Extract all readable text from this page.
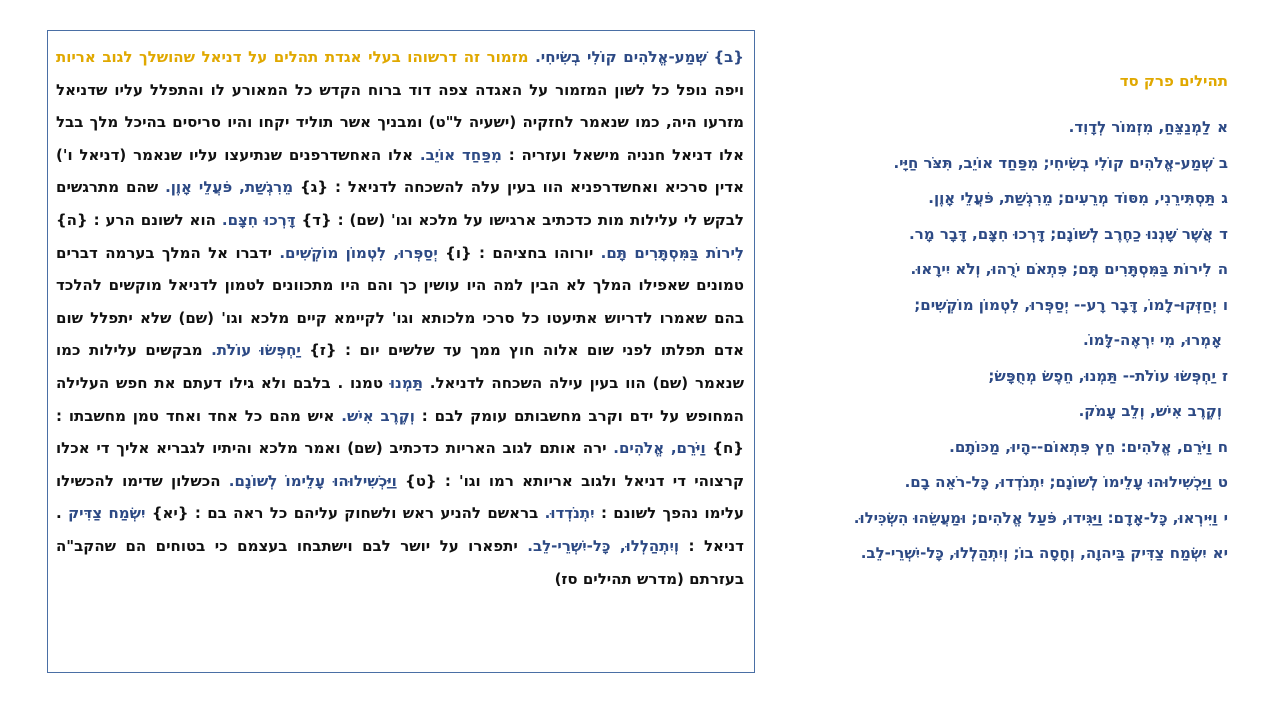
{ב} שְׁמַע-אֱלֹהִים קוֹלִי בְשִׂיחִי. מזמור זה דרשוהו בעלי אגדת תהלים על דניאל שהושלך לגוב אריות ויפה נופל כל לשון המזמור על האגדה צפה דוד ברוח הקדש כל המאורע לו והתפלל עליו שדניאל מזרעו היה, כמו שנאמר לחזקיה (ישעיה ל"ט) ומבניך אשר תוליד יקחו והיו סריסים בהיכל מלך בבל אלו דניאל חנניה מישאל ועזריה : מִפַּחַד אוֹיֵב. אלו האחשדרפנים שנתיעצו עליו שנאמר (דניאל ו') אדין סרכיא ואחשדרפניא הוו בעין עלה להשכחה לדניאל : {ג} מֵרִגְשַׁת, פֹּעֲלֵי אָוֶן. שהם מתרגשים לבקש לי עלילות מות כדכתיב ארגישו על מלכא וגו' (שם) : {ד} דָּרְכוּ חִצָּם. הוא לשונם הרע : {ה} לִירוֹת בַּמִּסְתָּרִים תָּם. יורוהו בחציהם : {ו} יְסַפְּרוּ, לִטְמוֹן מוֹקְשִׁים. ידברו אל המלך בערמה דברים טמונים שאפילו המלך לא הבין למה היו עושין כך והם היו מתכוונים לטמון לדניאל מוקשים להלכד בהם שאמרו לדריוש אתיעטו כל סרכי מלכותא וגו' לקיימא קיים מלכא וגו' (שם) שלא יתפלל שום אדם תפלתו לפני שום אלוה חוץ ממך עד שלשים יום : {ז} יַחְפְּשׂוּ עוֹלֹת. מבקשים עלילות כמו שנאמר (שם) הוו בעין עילה השכחה לדניאל. תַּמְנוּ טמנו . בלבם ולא גילו דעתם את חפש העלילה המחופש על ידם וקרב מחשבותם עומק לבם : וְקֶרֶב אִישׁ. איש מהם כל אחד ואחד טמן מחשבתו : {ח} וַיֹּרֵם, אֱלֹהִים. ירה אותם לגוב האריות כדכתיב (שם) ואמר מלכא והיתיו לגבריא אליך די אכלו קרצוהי די דניאל ולגוב אריותא רמו וגו' : {ט} וַיַּכְשִׁילוּהוּ עָלֵימוֹ לְשׁוֹנָם. הכשלון שדימו להכשילו עלימו נהפך לשונם : יִתְנֹדְדוּ. בראשם להניע ראש ולשחוק עליהם כל ראה בם : {יא} יִשְׂמַח צַדִּיק . דניאל : וְיִתְהַלְלוּ, כָּל-יִשְׁרֵי-לֵב. יתפארו על יושר לבם וישתבחו בעצמם כי בטוחים הם שהקב"ה בעזרתם (מדרש תהילים סז)
תהילים פרק סד
אלַמְנַצֵּחַ, מִזְמוֹר לְדָוִד.
בשְׁמַע-אֱלֹהִים קוֹלִי בְשִׂיחִי; מִפַּחַד אוֹיֵב, תִּצֹּר חַיָּי.
גתַּסְתִּירֵנִי, מִסּוֹד מְרֵעִים; מֵרִגְשַׁת, פֹּעֲלֵי אָוֶן.
דאֲשֶׁר שָׁנְנוּ כַחֶרֶב לְשׁוֹנָם; דָּרְכוּ חִצָּם, דָּבָר מָר.
הלִירוֹת בַּמִּסְתָּרִים תָּם; פִּתְאֹם יֹרֻהוּ, וְלֹא יִירָאוּ.
ויְחַזְּקוּ-לָמוֹ, דָּבָר רָע-- יְסַפְּרוּ, לִטְמוֹן מוֹקְשִׁים;
אָמְרוּ, מִי יִרְאֶה-לָּמוֹ.
זיַחְפְּשׂוּ עוֹלֹת-- תַּמְנוּ, חֵפֶשׂ מְחֻפָּשׂ;
וְקֶרֶב אִישׁ, וְלֵב עָמֹק.
חוַיֹּרֵם, אֱלֹהִים: חֵץ פִּתְאוֹם--הָיוּ, מַכּוֹתָם.
טוַיַּכְשִׁילוּהוּ עָלֵימוֹ לְשׁוֹנָם; יִתְנֹדְדוּ, כָּל-רֹאֵה בָם.
יוַיִּירְאוּ, כָּל-אָדָם: וַיַּגִּידוּ, פֹּעַל אֱלֹהִים; וּמַעֲשֵׂהוּ הִשְׂכִּילוּ.
יאיִשְׂמַח צַדִּיק בַּיהוָה, וְחָסָה בוֹ; וְיִתְהַלְלוּ, כָּל-יִשְׁרֵי-לֵב.
